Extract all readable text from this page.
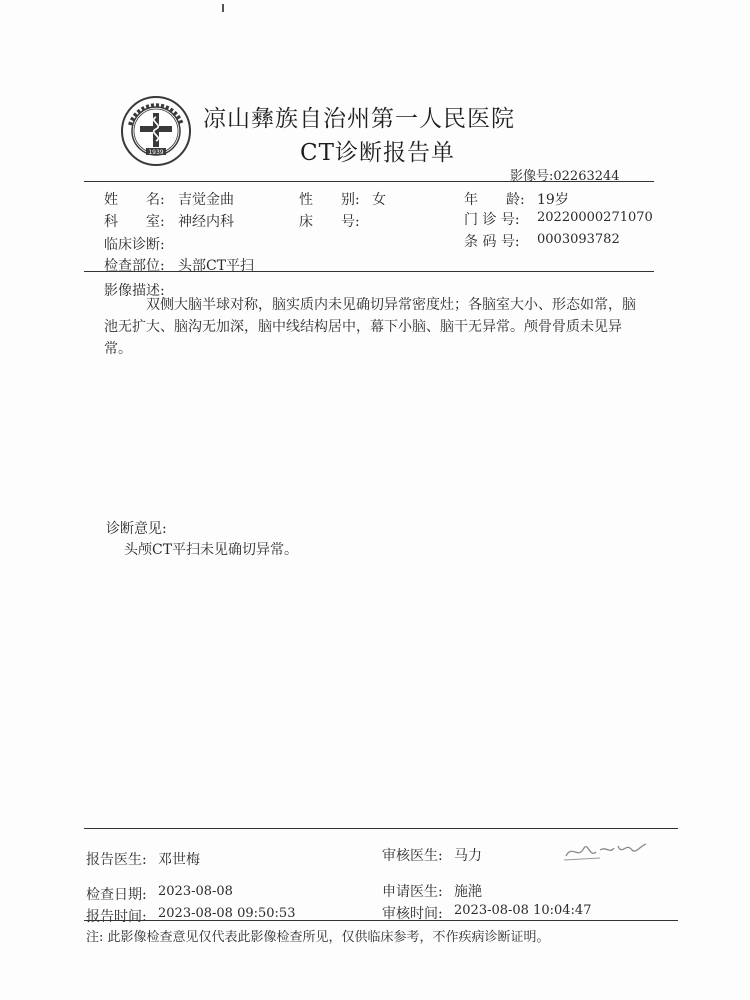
1939
凉山彝族自治州第一人民医院
CT诊断报告单
影像号:02263244
姓　　名: 吉觉金曲	性　　别: 女	年　　龄: 19岁
科　　室: 神经内科	床　　号:	门 诊 号: 20220000271070
临床诊断:	条 码 号: 0003093782
检查部位: 头部CT平扫
影像描述:
双侧大脑半球对称，脑实质内未见确切异常密度灶；各脑室大小、形态如常，脑池无扩大、脑沟无加深，脑中线结构居中，幕下小脑、脑干无异常。颅骨骨质未见异常。
诊断意见:
头颅CT平扫未见确切异常。
报告医生: 邓世梅	审核医生: 马力
检查日期: 2023-08-08	申请医生: 施滟
报告时间: 2023-08-08 09:50:53	审核时间: 2023-08-08 10:04:47
注: 此影像检查意见仅代表此影像检查所见，仅供临床参考，不作疾病诊断证明。
